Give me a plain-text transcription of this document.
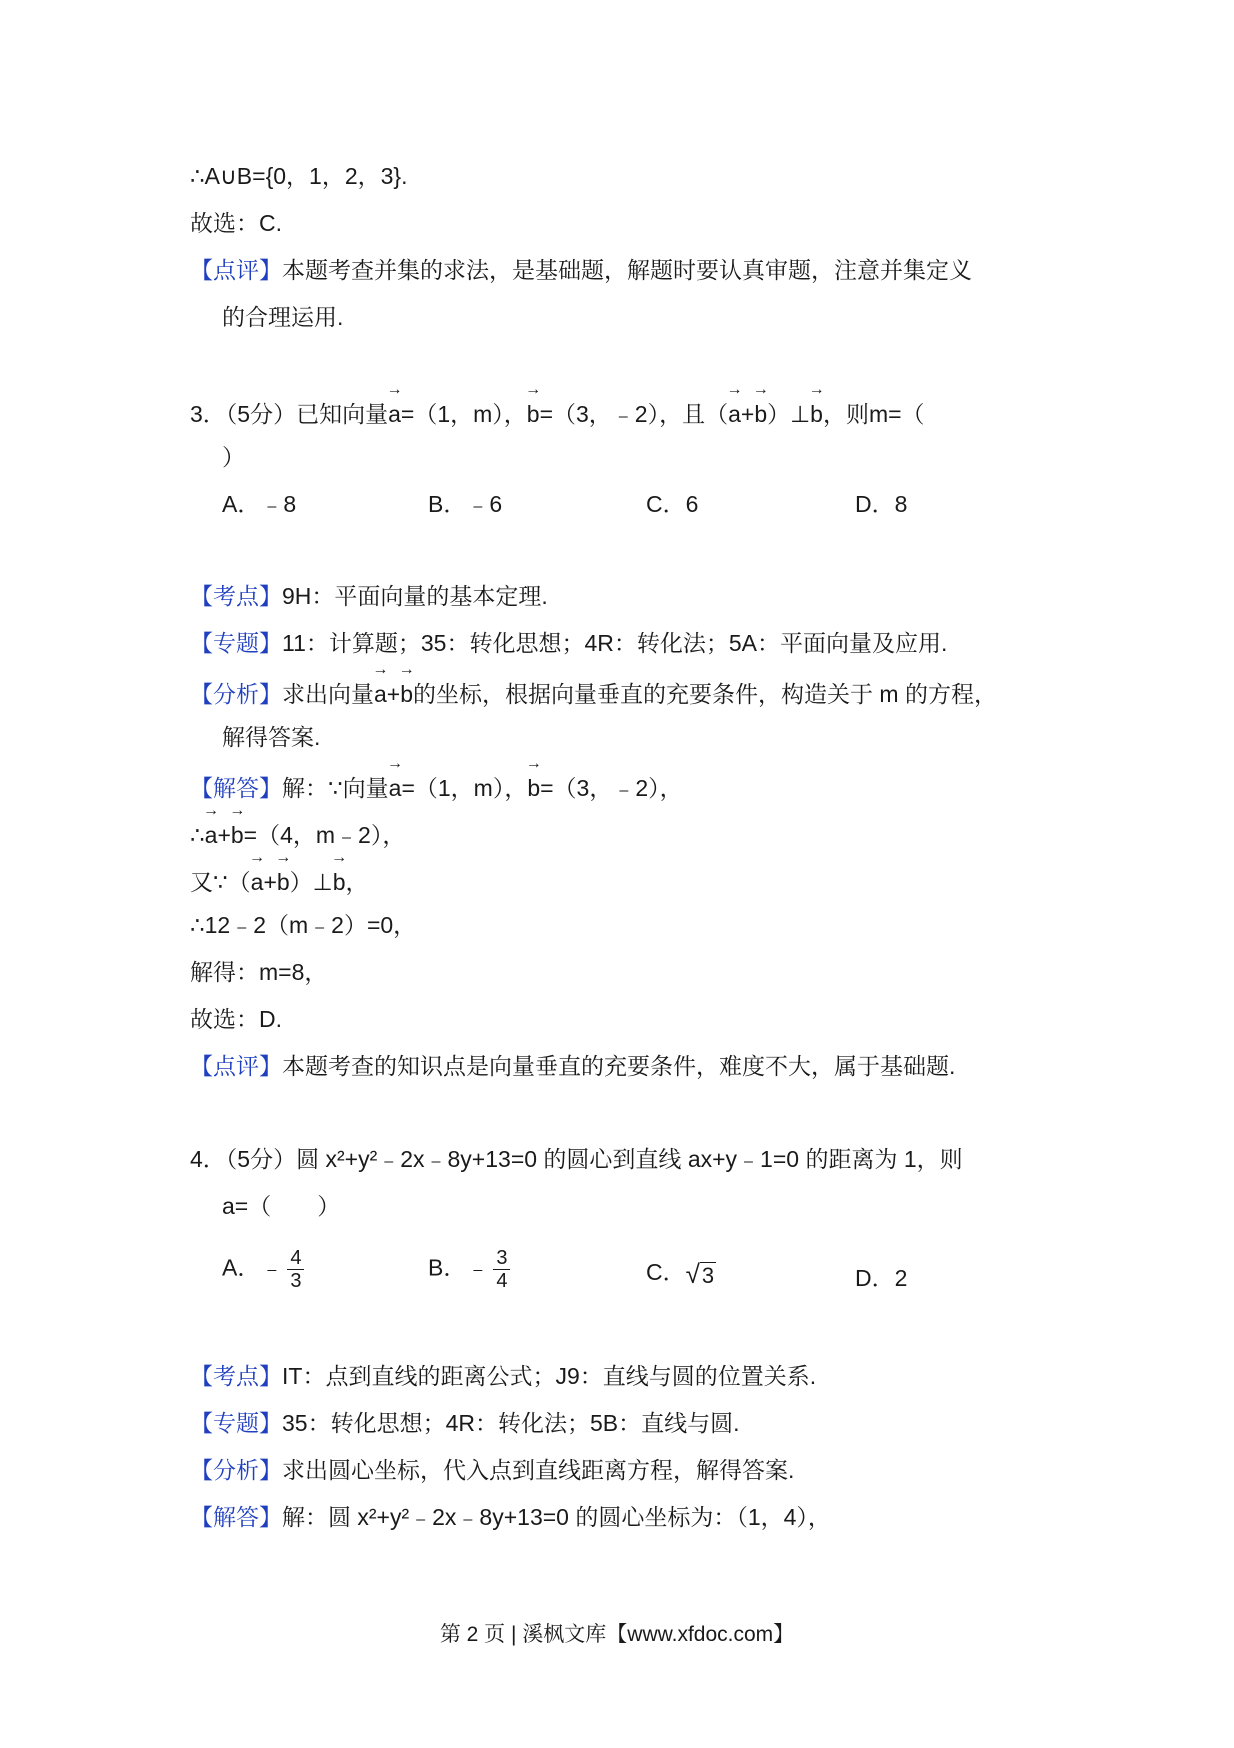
∴A∪B={0，1，2，3}.
故选：C.
【点评】本题考查并集的求法，是基础题，解题时要认真审题，注意并集定义
的合理运用.
3．（5分）已知向量→ a=（1，m），→ b=（3，﹣2），且（→ a+→ b）⊥→ b，则m=（
）
A．﹣8	B．﹣6	C．6	D．8
【考点】9H：平面向量的基本定理.
【专题】11：计算题；35：转化思想；4R：转化法；5A：平面向量及应用.
【分析】求出向量→ a+→ b的坐标，根据向量垂直的充要条件，构造关于 m 的方程，
解得答案.
【解答】解：∵向量→ a=（1，m），→ b=（3，﹣2），
∴→ a+→ b=（4，m﹣2），
又∵（→ a+→ b）⊥→ b，
∴12﹣2（m﹣2）=0，
解得：m=8，
故选：D.
【点评】本题考查的知识点是向量垂直的充要条件，难度不大，属于基础题.
4．（5分）圆 x²+y²﹣2x﹣8y+13=0 的圆心到直线 ax+y﹣1=0 的距离为 1，则
a=（　　）
A．﹣ $\frac{4}{3}$	B．﹣ $\frac{3}{4}$	C． √ 3	D．2
【考点】IT：点到直线的距离公式；J9：直线与圆的位置关系.
【专题】35：转化思想；4R：转化法；5B：直线与圆.
【分析】求出圆心坐标，代入点到直线距离方程，解得答案.
【解答】解：圆 x²+y²﹣2x﹣8y+13=0 的圆心坐标为：（1，4），
第 2 页 | 溪枫文库【www.xfdoc.com】
